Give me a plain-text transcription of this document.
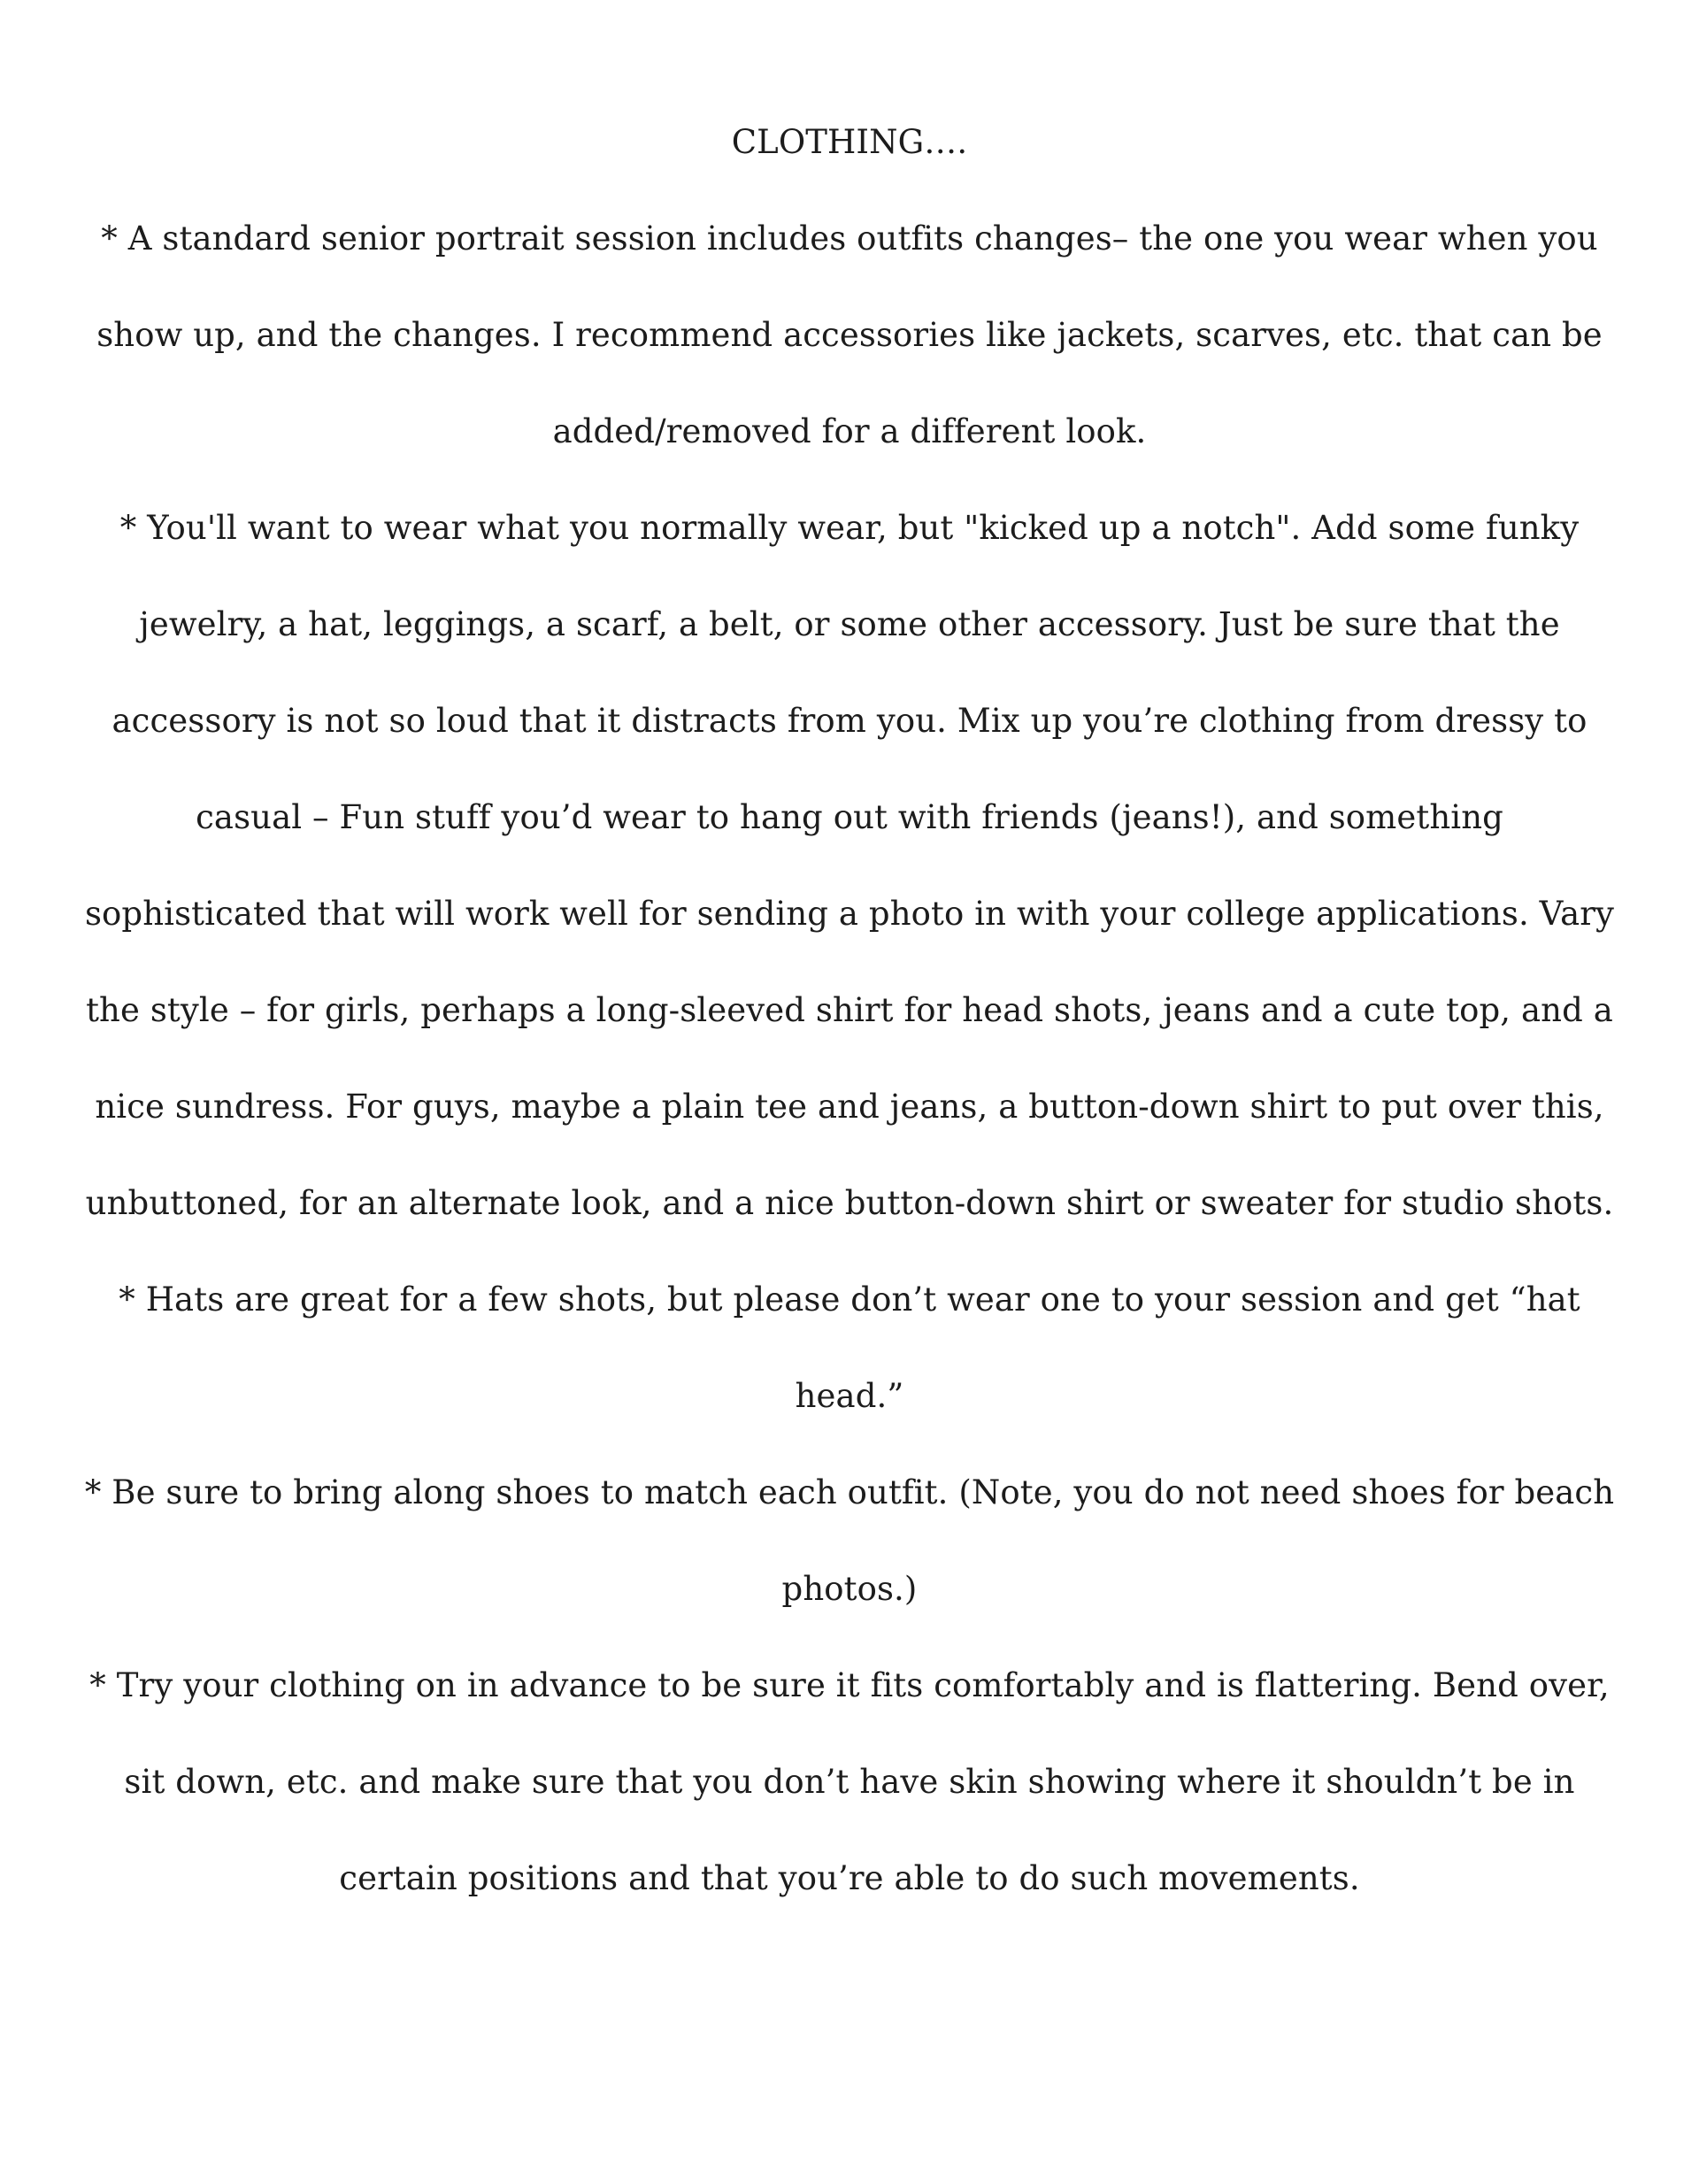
CLOTHING….

* A standard senior portrait session includes outfits changes– the one you wear when you show up, and the changes. I recommend accessories like jackets, scarves, etc. that can be added/removed for a different look.

* You'll want to wear what you normally wear, but "kicked up a notch". Add some funky jewelry, a hat, leggings, a scarf, a belt, or some other accessory. Just be sure that the accessory is not so loud that it distracts from you. Mix up you’re clothing from dressy to casual – Fun stuff you’d wear to hang out with friends (jeans!), and something sophisticated that will work well for sending a photo in with your college applications. Vary the style – for girls, perhaps a long-sleeved shirt for head shots, jeans and a cute top, and a nice sundress. For guys, maybe a plain tee and jeans, a button-down shirt to put over this, unbuttoned, for an alternate look, and a nice button-down shirt or sweater for studio shots.

* Hats are great for a few shots, but please don’t wear one to your session and get “hat head.”

* Be sure to bring along shoes to match each outfit. (Note, you do not need shoes for beach photos.)

* Try your clothing on in advance to be sure it fits comfortably and is flattering. Bend over, sit down, etc. and make sure that you don’t have skin showing where it shouldn’t be in certain positions and that you’re able to do such movements.
